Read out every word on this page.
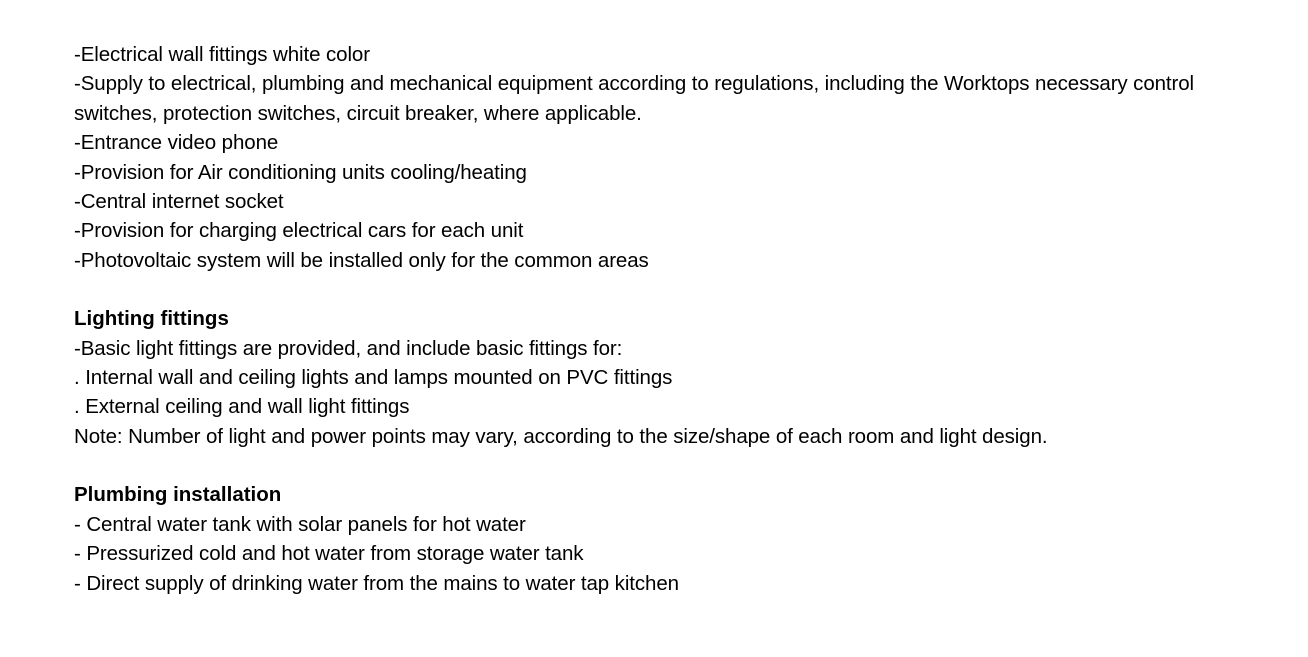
-Electrical wall fittings white color
-Supply to electrical, plumbing and mechanical equipment according to regulations, including the Worktops necessary control switches, protection switches, circuit breaker, where applicable.
-Entrance video phone
-Provision for Air conditioning units cooling/heating
-Central internet socket
-Provision for charging electrical cars for each unit
-Photovoltaic system will be installed only for the common areas
Lighting fittings
-Basic light fittings are provided, and include basic fittings for:
. Internal wall and ceiling lights and lamps mounted on PVC fittings
. External ceiling and wall light fittings
Note: Number of light and power points may vary, according to the size/shape of each room and light design.
Plumbing installation
- Central water tank with solar panels for hot water
- Pressurized cold and hot water from storage water tank
- Direct supply of drinking water from the mains to water tap kitchen
